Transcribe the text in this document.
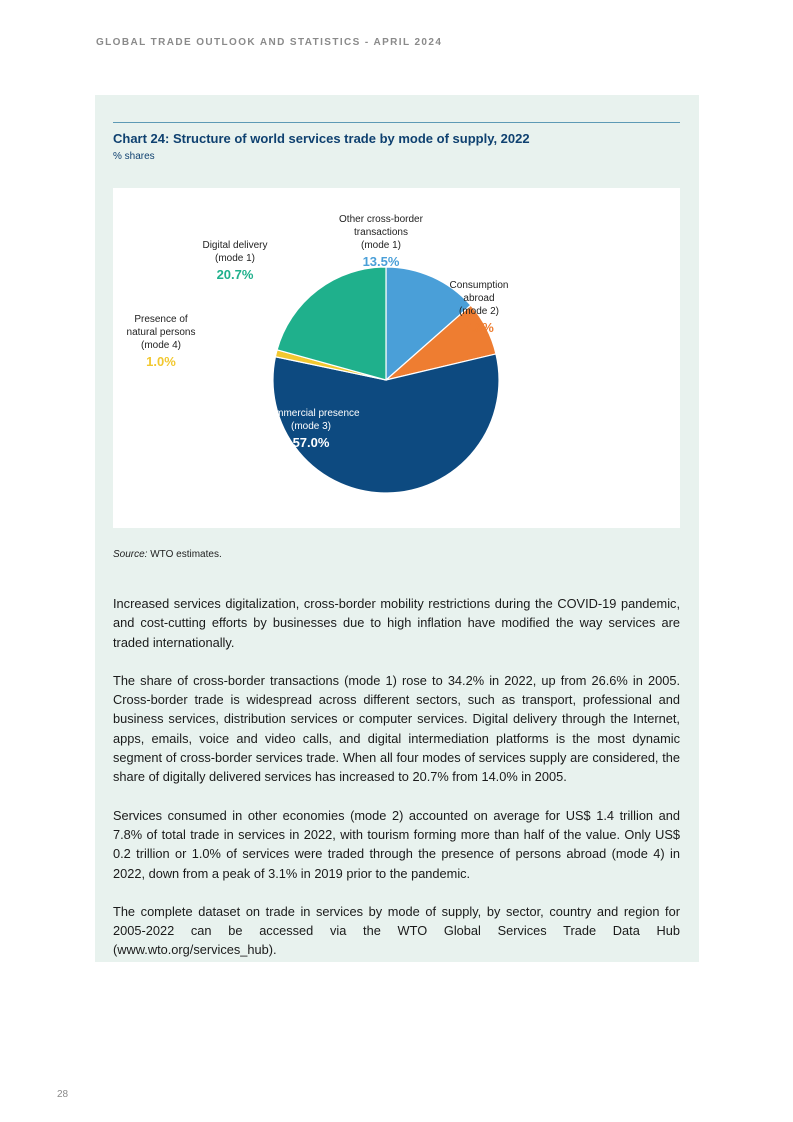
GLOBAL TRADE OUTLOOK AND STATISTICS - APRIL 2024
Chart 24: Structure of world services trade by mode of supply, 2022
% shares
Other cross-border
transactions
(mode 1)
13.5%
Consumption
abroad
(mode 2)
7.8%
Commercial presence
(mode 3)
57.0%
Presence of
natural persons
(mode 4)
1.0%
Digital delivery
(mode 1)
20.7%
Source: WTO estimates.

Increased services digitalization, cross-border mobility restrictions during the COVID-19 pandemic, and cost-cutting efforts by businesses due to high inflation have modified the way services are traded internationally.

The share of cross-border transactions (mode 1) rose to 34.2% in 2022, up from 26.6% in 2005. Cross-border trade is widespread across different sectors, such as transport, professional and business services, distribution services or computer services. Digital delivery through the Internet, apps, emails, voice and video calls, and digital intermediation platforms is the most dynamic segment of cross-border services trade. When all four modes of services supply are considered, the share of digitally delivered services has increased to 20.7% from 14.0% in 2005.

Services consumed in other economies (mode 2) accounted on average for US$ 1.4 trillion and 7.8% of total trade in services in 2022, with tourism forming more than half of the value. Only US$ 0.2 trillion or 1.0% of services were traded through the presence of persons abroad (mode 4) in 2022, down from a peak of 3.1% in 2019 prior to the pandemic.

The complete dataset on trade in services by mode of supply, by sector, country and region for 2005-2022 can be accessed via the WTO Global Services Trade Data Hub (www.wto.org/services_hub).

28
